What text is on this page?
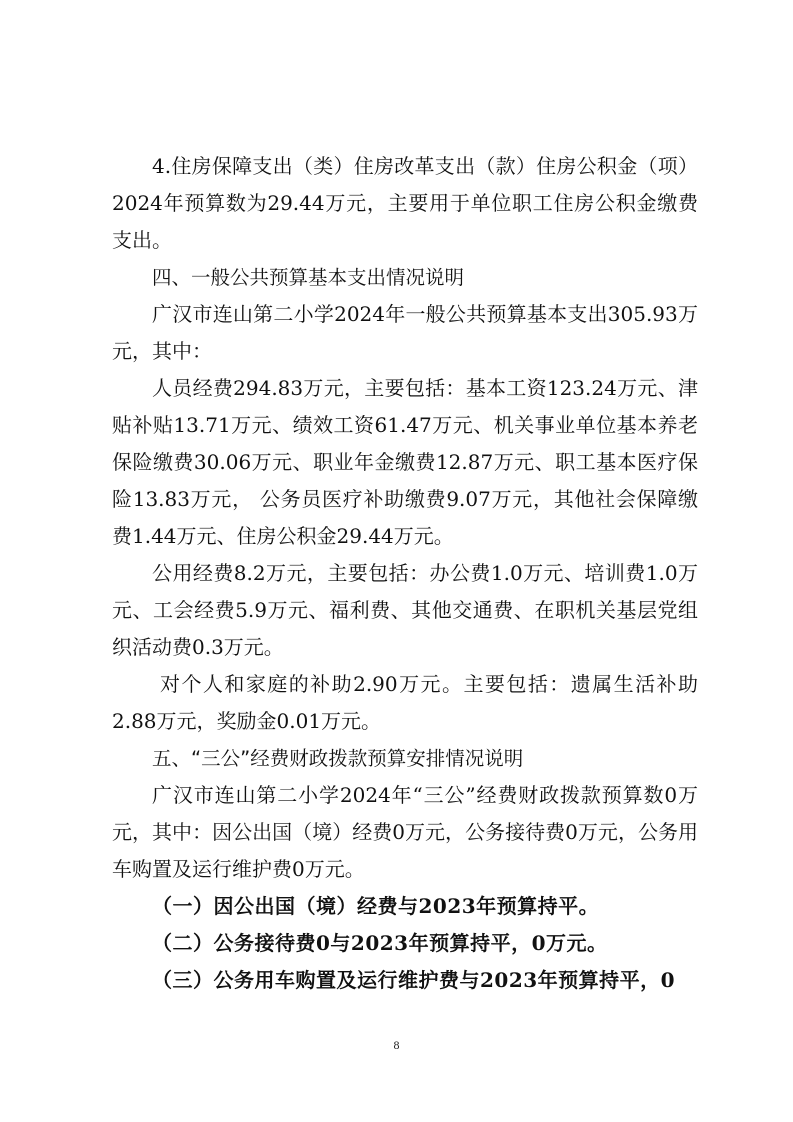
4.住房保障支出（类）住房改革支出（款）住房公积金（项）2024年预算数为29.44万元，主要用于单位职工住房公积金缴费支出。

四、一般公共预算基本支出情况说明

广汉市连山第二小学2024年一般公共预算基本支出305.93万元，其中：

人员经费294.83万元，主要包括：基本工资123.24万元、津贴补贴13.71万元、绩效工资61.47万元、机关事业单位基本养老保险缴费30.06万元、职业年金缴费12.87万元、职工基本医疗保险13.83万元， 公务员医疗补助缴费9.07万元，其他社会保障缴费1.44万元、住房公积金29.44万元。

公用经费8.2万元，主要包括：办公费1.0万元、培训费1.0万元、工会经费5.9万元、福利费、其他交通费、在职机关基层党组织活动费0.3万元。

对个人和家庭的补助2.90万元。主要包括：遗属生活补助2.88万元，奖励金0.01万元。

五、“三公”经费财政拨款预算安排情况说明

广汉市连山第二小学2024年“三公”经费财政拨款预算数0万元，其中：因公出国（境）经费0万元，公务接待费0万元，公务用车购置及运行维护费0万元。

（一）因公出国（境）经费与2023年预算持平。

（二）公务接待费0与2023年预算持平，0万元。

（三）公务用车购置及运行维护费与2023年预算持平，0

8
